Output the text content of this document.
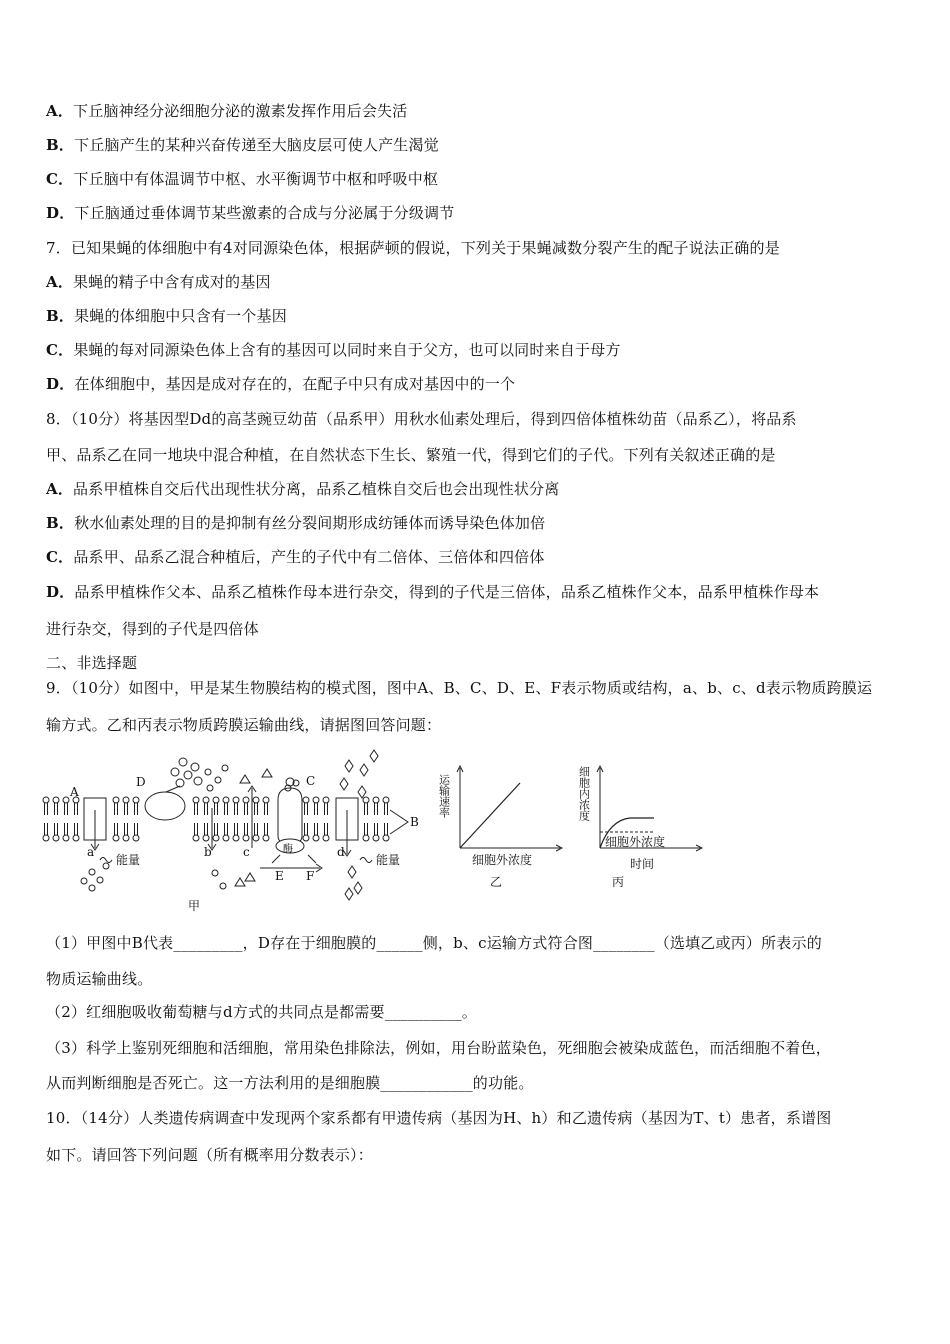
A．下丘脑神经分泌细胞分泌的激素发挥作用后会失活
B．下丘脑产生的某种兴奋传递至大脑皮层可使人产生渴觉
C．下丘脑中有体温调节中枢、水平衡调节中枢和呼吸中枢
D．下丘脑通过垂体调节某些激素的合成与分泌属于分级调节
7．已知果蝇的体细胞中有4对同源染色体，根据萨顿的假说，下列关于果蝇减数分裂产生的配子说法正确的是
A．果蝇的精子中含有成对的基因
B．果蝇的体细胞中只含有一个基因
C．果蝇的每对同源染色体上含有的基因可以同时来自于父方，也可以同时来自于母方
D．在体细胞中，基因是成对存在的，在配子中只有成对基因中的一个
8．（10分）将基因型Dd的高茎豌豆幼苗（品系甲）用秋水仙素处理后，得到四倍体植株幼苗（品系乙），将品系
甲、品系乙在同一地块中混合种植，在自然状态下生长、繁殖一代，得到它们的子代。下列有关叙述正确的是
A．品系甲植株自交后代出现性状分离，品系乙植株自交后也会出现性状分离
B．秋水仙素处理的目的是抑制有丝分裂间期形成纺锤体而诱导染色体加倍
C．品系甲、品系乙混合种植后，产生的子代中有二倍体、三倍体和四倍体
D．品系甲植株作父本、品系乙植株作母本进行杂交，得到的子代是三倍体，品系乙植株作父本，品系甲植株作母本
进行杂交，得到的子代是四倍体
二、非选择题
9．（10分）如图中，甲是某生物膜结构的模式图，图中A、B、C、D、E、F表示物质或结构，a、b、c、d表示物质跨膜运
输方式。乙和丙表示物质跨膜运输曲线，请据图回答问题：
A
D	C
B
a	b	c	d
酶
E F
能量	能量
甲
运输速率
细胞外浓度
乙
细胞内浓度
细胞外浓度
时间
丙
（1）甲图中B代表_________，D存在于细胞膜的______侧，b、c运输方式符合图________（选填乙或丙）所表示的
物质运输曲线。
（2）红细胞吸收葡萄糖与d方式的共同点是都需要__________。
（3）科学上鉴别死细胞和活细胞，常用染色排除法，例如，用台盼蓝染色，死细胞会被染成蓝色，而活细胞不着色，
从而判断细胞是否死亡。这一方法利用的是细胞膜____________的功能。
10．（14分）人类遗传病调查中发现两个家系都有甲遗传病（基因为H、h）和乙遗传病（基因为T、t）患者，系谱图
如下。请回答下列问题（所有概率用分数表示）：
